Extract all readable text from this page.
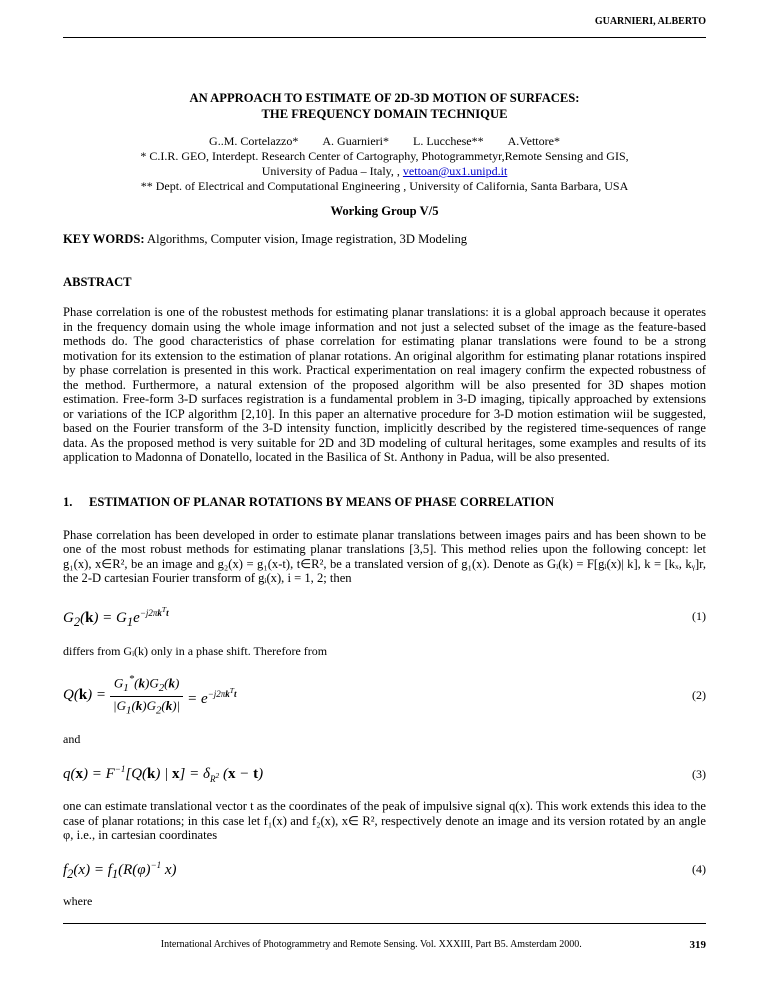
GUARNIERI, ALBERTO
AN APPROACH TO ESTIMATE OF 2D-3D MOTION OF SURFACES:
THE FREQUENCY DOMAIN TECHNIQUE
G..M. Cortelazzo*  A. Guarnieri*  L. Lucchese**  A.Vettore*
* C.I.R. GEO, Interdept. Research Center of Cartography, Photogrammetyr,Remote Sensing and GIS,
University of Padua – Italy, , vettoan@ux1.unipd.it
** Dept. of Electrical and Computational Engineering , University of California, Santa Barbara, USA
Working Group V/5
KEY WORDS: Algorithms, Computer vision, Image registration, 3D Modeling
ABSTRACT
Phase correlation is one of the robustest methods for estimating planar translations: it is a global approach because it operates in the frequency domain using the whole image information and not just a selected subset of the image as the feature-based methods do. The good characteristics of phase correlation for estimating planar translations were found to be a strong motivation for its extension to the estimation of planar rotations. An original algorithm for estimating planar rotations inspired by phase correlation is presented in this work. Practical experimentation on real imagery confirm the expected robustness of the method. Furthermore, a natural extension of the proposed algorithm will be also presented for 3D shapes motion estimation. Free-form 3-D surfaces registration is a fundamental problem in 3-D imaging, tipically approached by extensions or variations of the ICP algorithm [2,10]. In this paper an alternative procedure for 3-D motion estimation wiil be suggested, based on the Fourier transform of the 3-D intensity function, implicitly described by the registered time-sequences of range data. As the proposed method is very suitable for 2D and 3D modeling of cultural heritages, some examples and results of its application to Madonna of Donatello, located in the Basilica of St. Anthony in Padua, will be also presented.
1. ESTIMATION OF PLANAR ROTATIONS BY MEANS OF PHASE CORRELATION
Phase correlation has been developed in order to estimate planar translations between images pairs and has been shown to be one of the most robust methods for estimating planar translations [3,5]. This method relies upon the following concept: let g₁(x), x∈R², be an image and g₂(x) = g₁(x-t), t∈R², be a translated version of g₁(x). Denote as Gᵢ(k) = F[gᵢ(x)| k], k = [kₓ, kᵧ]r, the 2-D cartesian Fourier transform of gᵢ(x), i = 1, 2; then
$G_2(k) = G_1e^{-j2\pi k^Tt}$	(1)
differs from Gᵢ(k) only in a phase shift. Therefore from
$Q(k) = \frac{G_1^*(k)G_2(k)}{|G_1(k)G_2(k)|} = e^{-j2\pi k^Tt}$	(2)
and
$q(x) = F^{-1}[Q(k)$ | $x] = \delta_{R^2}$ (x − t)	(3)
one can estimate translational vector t as the coordinates of the peak of impulsive signal q(x). This work extends this idea to the case of planar rotations; in this case let f₁(x) and f₂(x), x∈ R², respectively denote an image and its version rotated by an angle φ, i.e., in cartesian coordinates
$f_2(x) = f_1(R(\varphi)^{-1}$ x)	(4)
where
International Archives of Photogrammetry and Remote Sensing. Vol. XXXIII, Part B5. Amsterdam 2000.	319
